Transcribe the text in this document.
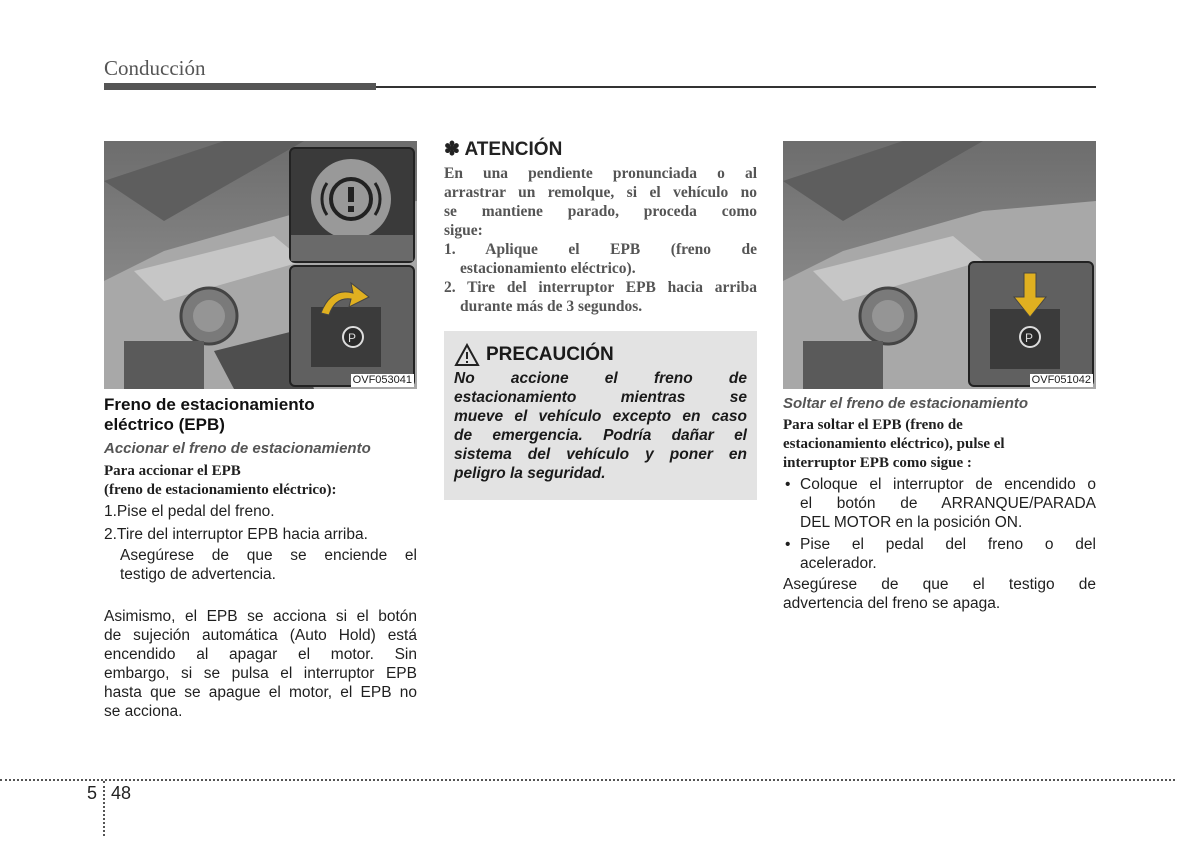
Conducción
P
OVF053041
Freno de estacionamiento
eléctrico (EPB)
Accionar el freno de estacionamiento
Para accionar el EPB
(freno de estacionamiento eléctrico):
1.Pise el pedal del freno.
2.Tire del interruptor EPB hacia arriba.
Asegúrese de que se enciende el
testigo de advertencia.
Asimismo, el EPB se acciona si el botón
de sujeción automática (Auto Hold) está
encendido al apagar el motor. Sin
embargo, si se pulsa el interruptor EPB
hasta que se apague el motor, el EPB no
se acciona.
✽ ATENCIÓN
En una pendiente pronunciada o al
arrastrar un remolque, si el vehículo no
se mantiene parado, proceda como
sigue:
1. Aplique el EPB (freno de
estacionamiento eléctrico).
2. Tire del interruptor EPB hacia arriba
durante más de 3 segundos.
PRECAUCIÓN
No accione el freno de
estacionamiento mientras se
mueve el vehículo excepto en caso
de emergencia. Podría dañar el
sistema del vehículo y poner en
peligro la seguridad.
P
OVF051042
Soltar el freno de estacionamiento
Para soltar el EPB (freno de
estacionamiento eléctrico), pulse el
interruptor EPB como sigue :
• Coloque el interruptor de encendido o
el botón de ARRANQUE/PARADA
DEL MOTOR en la posición ON.
• Pise el pedal del freno o del
acelerador.
Asegúrese de que el testigo de
advertencia del freno se apaga.
5 48
